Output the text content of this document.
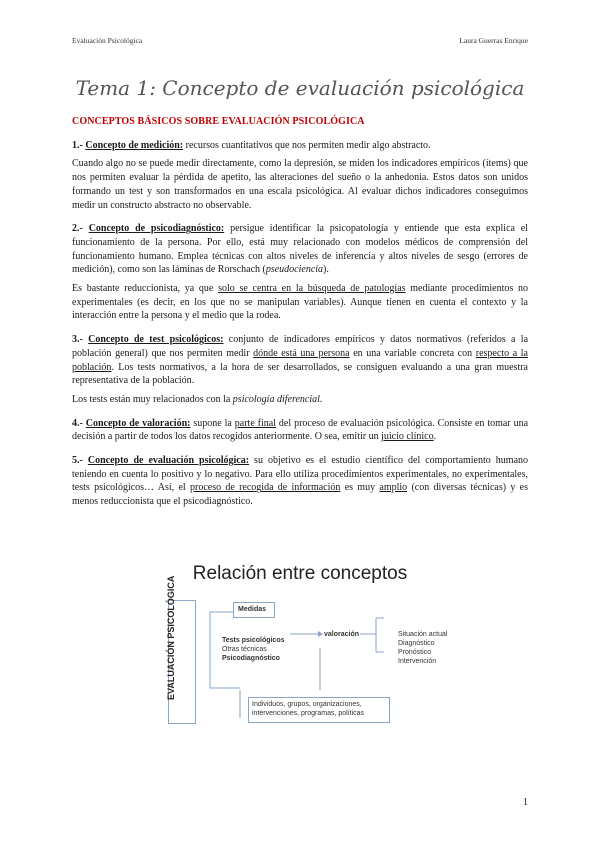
Evaluación Psicológica	Laura Guerras Enrique
Tema 1: Concepto de evaluación psicológica
CONCEPTOS BÁSICOS SOBRE EVALUACIÓN PSICOLÓGICA

1.- Concepto de medición: recursos cuantitativos que nos permiten medir algo abstracto.

Cuando algo no se puede medir directamente, como la depresión, se miden los indicadores empíricos (ítems) que nos permiten evaluar la pérdida de apetito, las alteraciones del sueño o la anhedonia. Estos datos son unidos formando un test y son transformados en una escala psicológica. Al evaluar dichos indicadores conseguimos medir un constructo abstracto no observable.

2.- Concepto de psicodiagnóstico: persigue identificar la psicopatología y entiende que esta explica el funcionamiento de la persona. Por ello, está muy relacionado con modelos médicos de comprensión del funcionamiento humano. Emplea técnicas con altos niveles de inferencia y altos niveles de sesgo (errores de medición), como son las láminas de Rorschach (pseudociencia).

Es bastante reduccionista, ya que solo se centra en la búsqueda de patologías mediante procedimientos no experimentales (es decir, en los que no se manipulan variables). Aunque tienen en cuenta el contexto y la interacción entre la persona y el medio que la rodea.

3.- Concepto de test psicológicos: conjunto de indicadores empíricos y datos normativos (referidos a la población general) que nos permiten medir dónde está una persona en una variable concreta con respecto a la población. Los tests normativos, a la hora de ser desarrollados, se consiguen evaluando a una gran muestra representativa de la población.

Los tests están muy relacionados con la psicología diferencial.

4.- Concepto de valoración: supone la parte final del proceso de evaluación psicológica. Consiste en tomar una decisión a partir de todos los datos recogidos anteriormente. O sea, emitir un juicio clínico.

5.- Concepto de evaluación psicológica: su objetivo es el estudio científico del comportamiento humano teniendo en cuenta lo positivo y lo negativo. Para ello utiliza procedimientos experimentales, no experimentales, tests psicológicos… Así, el proceso de recogida de información es muy amplio (con diversas técnicas) y es menos reduccionista que el psicodiagnóstico.

Relación entre conceptos
EVALUACIÓN PSICOLÓGICA	Medidas
Tests psicológicos
Otras técnicas
Psicodiagnóstico
valoración	Situación actual
Diagnóstico
Pronóstico
Intervención
Individuos, grupos, organizaciones,
intervenciones, programas, políticas
1
